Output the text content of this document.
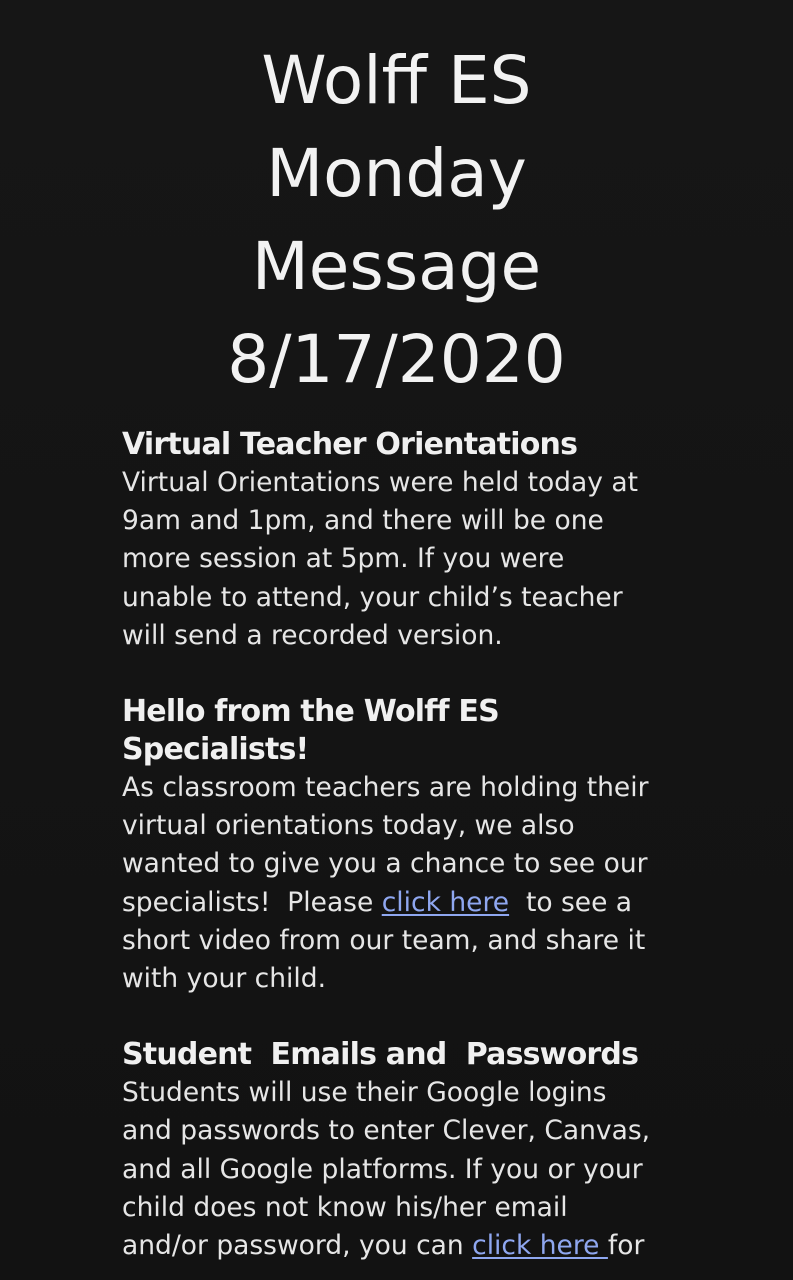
Wolff ES
Monday
Message
8/17/2020

Virtual Teacher Orientations

Virtual Orientations were held today at

9am and 1pm, and there will be one

more session at 5pm. If you were

unable to attend, your child’s teacher

will send a recorded version.

Hello from the Wolff ES

Specialists!

As classroom teachers are holding their

virtual orientations today, we also

wanted to give you a chance to see our

specialists!  Please click here  to see a

short video from our team, and share it

with your child.

Student  Emails and  Passwords

Students will use their Google logins

and passwords to enter Clever, Canvas,

and all Google platforms. If you or your

child does not know his/her email

and/or password, you can click here for
